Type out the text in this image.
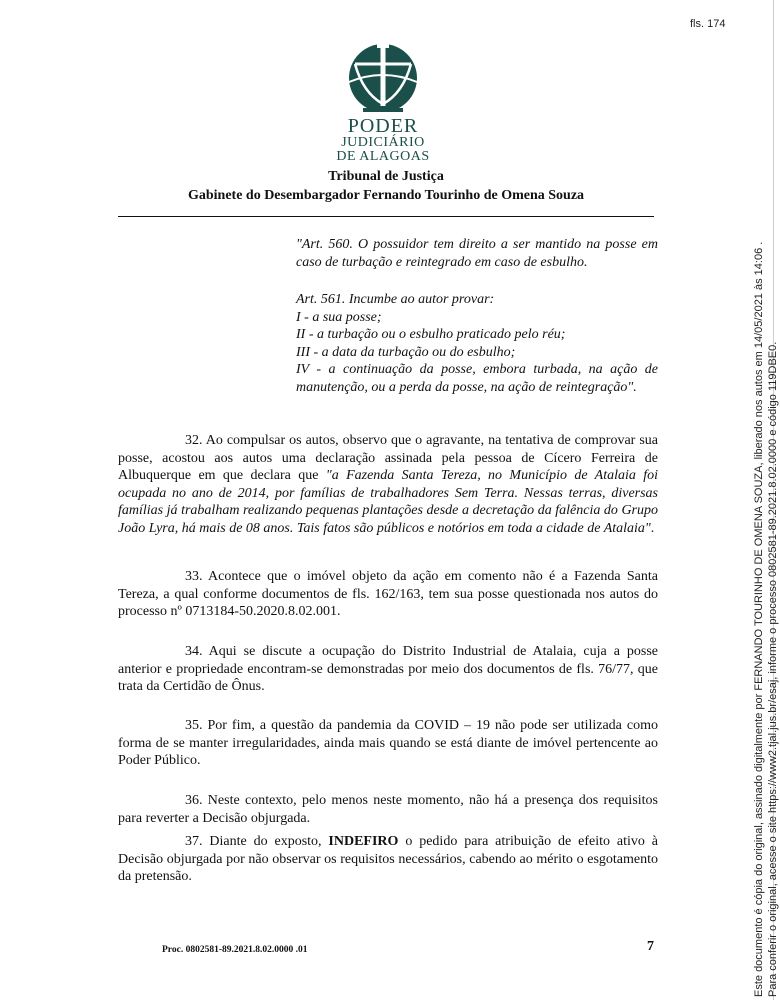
fls. 174
PODER
JUDICIÁRIO
DE ALAGOAS
Tribunal de Justiça
Gabinete do Desembargador Fernando Tourinho de Omena Souza
"Art. 560. O possuidor tem direito a ser mantido na posse em caso de turbação e reintegrado em caso de esbulho.
Art. 561. Incumbe ao autor provar:
I - a sua posse;
II - a turbação ou o esbulho praticado pelo réu;
III - a data da turbação ou do esbulho;
IV - a continuação da posse, embora turbada, na ação de manutenção, ou a perda da posse, na ação de reintegração".
32. Ao compulsar os autos, observo que o agravante, na tentativa de comprovar sua posse, acostou aos autos uma declaração assinada pela pessoa de Cícero Ferreira de Albuquerque em que declara que "a Fazenda Santa Tereza, no Município de Atalaia foi ocupada no ano de 2014, por famílias de trabalhadores Sem Terra. Nessas terras, diversas famílias já trabalham realizando pequenas plantações desde a decretação da falência do Grupo João Lyra, há mais de 08 anos. Tais fatos são públicos e notórios em toda a cidade de Atalaia".
33. Acontece que o imóvel objeto da ação em comento não é a Fazenda Santa Tereza, a qual conforme documentos de fls. 162/163, tem sua posse questionada nos autos do processo nº 0713184-50.2020.8.02.001.
34. Aqui se discute a ocupação do Distrito Industrial de Atalaia, cuja a posse anterior e propriedade encontram-se demonstradas por meio dos documentos de fls. 76/77, que trata da Certidão de Ônus.
35. Por fim, a questão da pandemia da COVID – 19 não pode ser utilizada como forma de se manter irregularidades, ainda mais quando se está diante de imóvel pertencente ao Poder Público.
36. Neste contexto, pelo menos neste momento, não há a presença dos requisitos para reverter a Decisão objurgada.
37. Diante do exposto, INDEFIRO o pedido para atribuição de efeito ativo à Decisão objurgada por não observar os requisitos necessários, cabendo ao mérito o esgotamento da pretensão.
Proc. 0802581-89.2021.8.02.0000 .01	7	Este documento é cópia do original, assinado digitalmente por FERNANDO TOURINHO DE OMENA SOUZA, liberado nos autos em 14/05/2021 às 14:06 . Para conferir o original, acesse o site https://www2.tjal.jus.br/esaj, informe o processo 0802581-89.2021.8.02.0000 e código 119DBE0.
